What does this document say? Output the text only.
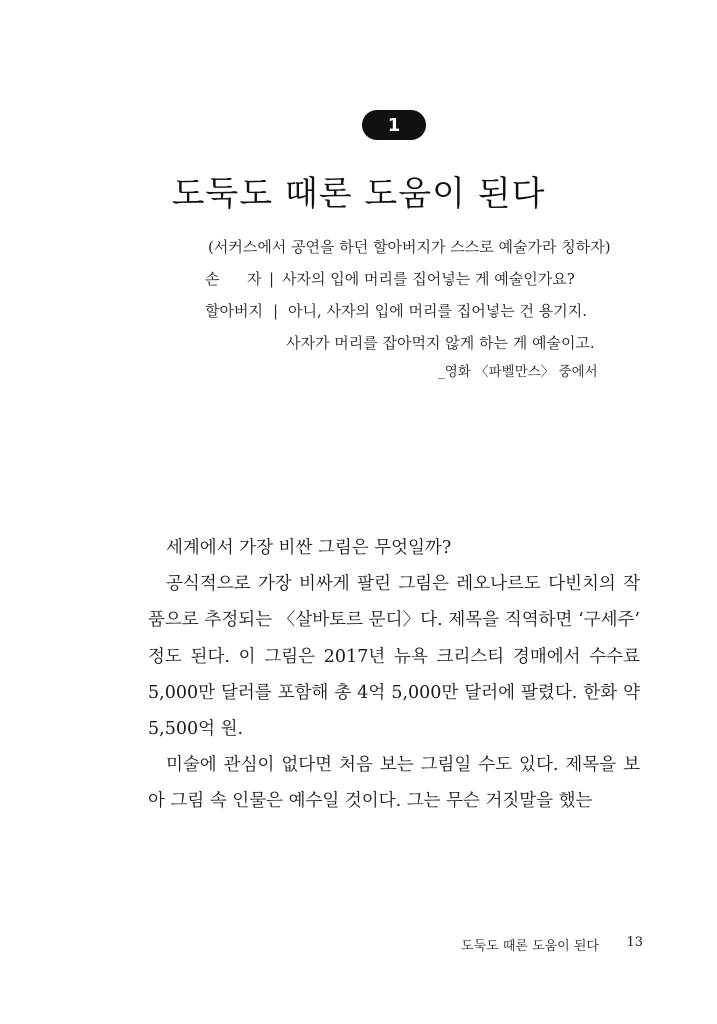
1
도둑도 때론 도움이 된다
(서커스에서 공연을 하던 할아버지가 스스로 예술가라 칭하자)
손 자 | 사자의 입에 머리를 집어넣는 게 예술인가요?
할아버지 | 아니, 사자의 입에 머리를 집어넣는 건 용기지.
사자가 머리를 잡아먹지 않게 하는 게 예술이고.
_영화 〈파벨만스〉 중에서

세계에서 가장 비싼 그림은 무엇일까?

공식적으로 가장 비싸게 팔린 그림은 레오나르도 다빈치의 작품으로 추정되는 〈살바토르 문디〉다. 제목을 직역하면 ‘구세주’ 정도 된다. 이 그림은 2017년 뉴욕 크리스티 경매에서 수수료 5,000만 달러를 포함해 총 4억 5,000만 달러에 팔렸다. 한화 약 5,500억 원.

미술에 관심이 없다면 처음 보는 그림일 수도 있다. 제목을 보아 그림 속 인물은 예수일 것이다. 그는 무슨 거짓말을 했는

도둑도 때론 도움이 된다 13
